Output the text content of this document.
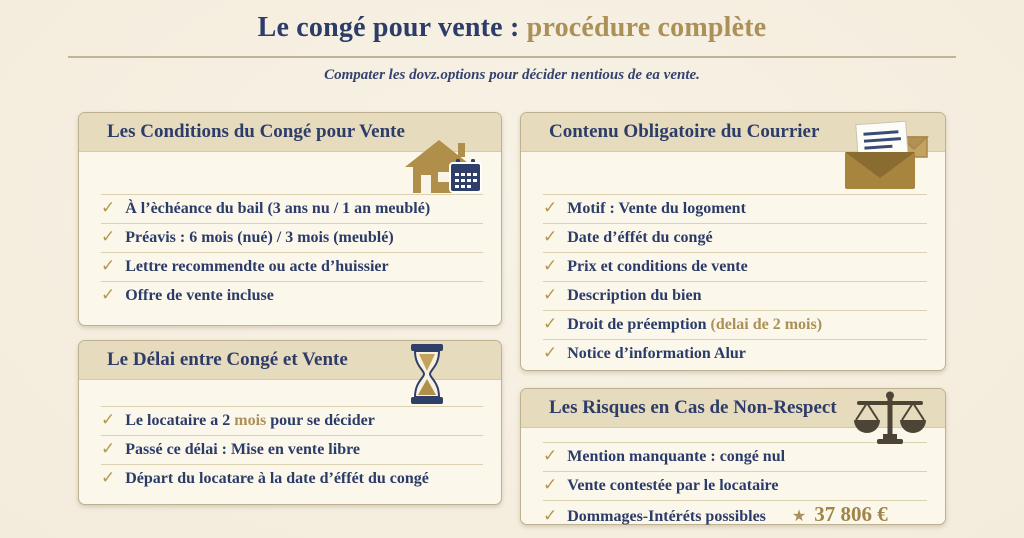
Le congé pour vente : procédure complète

Compater les dovz.options pour décider nentious de ea vente.

Les Conditions du Congé pour Vente
✓ À l’èchéance du bail (3 ans nu / 1 an meublé)
✓ Préavis : 6 mois (nué) / 3 mois (meublé)
✓ Lettre recommendte ou acte d’huissier
✓ Offre de vente incluse
Contenu Obligatoire du Courrier
✓ Motif : Vente du logoment
✓ Date d’éffét du congé
✓ Prix et conditions de vente
✓ Description du bien
✓ Droit de préemption (delai de 2 mois)
✓ Notice d’information Alur
Le Délai entre Congé et Vente
✓ Le locataire a 2 mois pour se décider
✓ Passé ce délai : Mise en vente libre
✓ Départ du locatare à la date d’éffét du congé
Les Risques en Cas de Non-Respect
✓ Mention manquante : congé nul
✓ Vente contestée par le locataire
✓ Dommages-Intéréts possibles ★ 37 806 €
